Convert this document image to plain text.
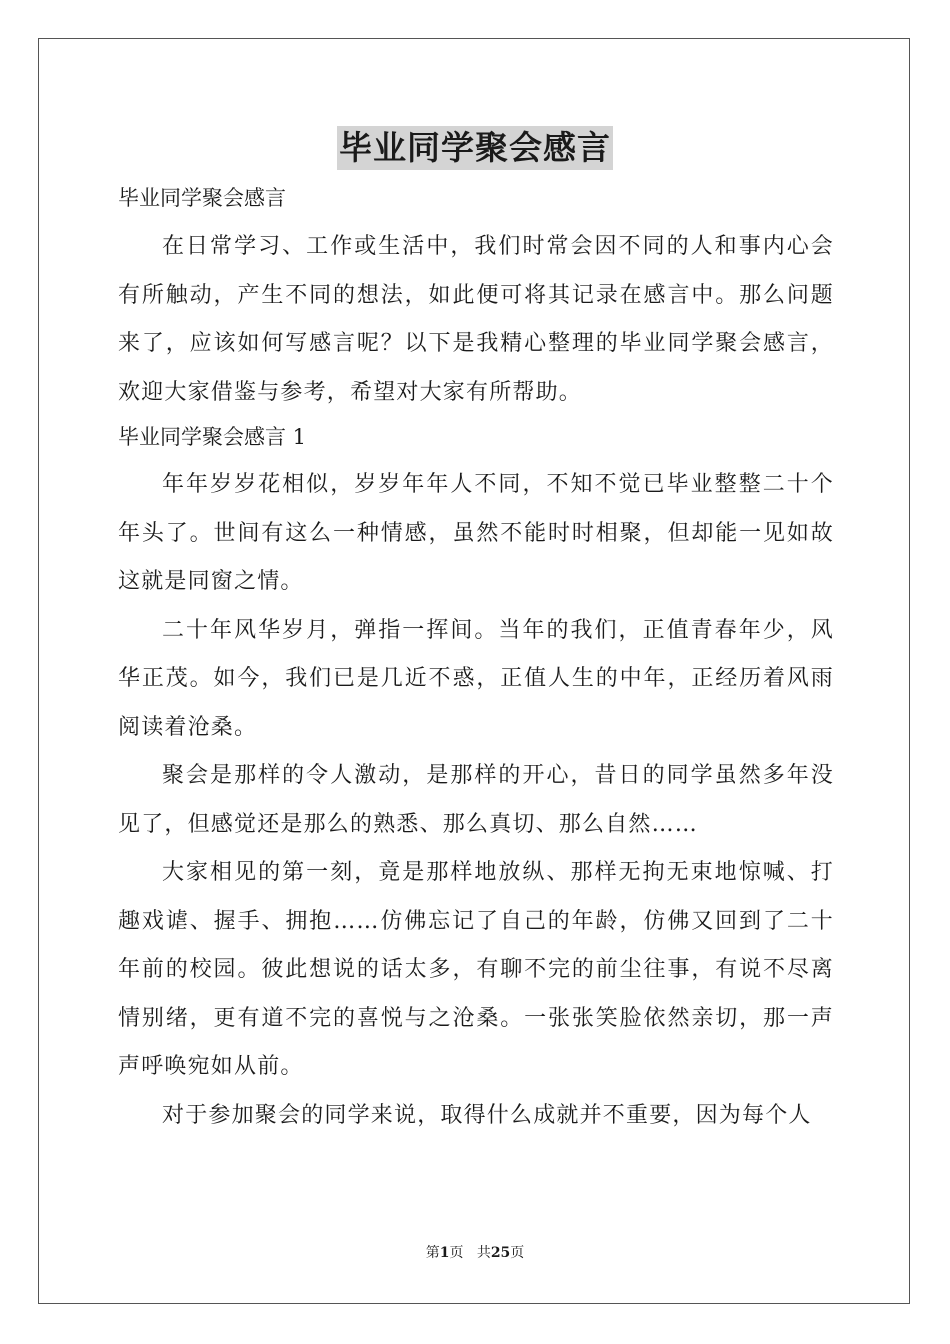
毕业同学聚会感言
毕业同学聚会感言

在日常学习、工作或生活中，我们时常会因不同的人和事内心会有所触动，产生不同的想法，如此便可将其记录在感言中。那么问题来了，应该如何写感言呢？以下是我精心整理的毕业同学聚会感言，欢迎大家借鉴与参考，希望对大家有所帮助。

毕业同学聚会感言 1

年年岁岁花相似，岁岁年年人不同，不知不觉已毕业整整二十个年头了。世间有这么一种情感，虽然不能时时相聚，但却能一见如故这就是同窗之情。

二十年风华岁月，弹指一挥间。当年的我们，正值青春年少，风华正茂。如今，我们已是几近不惑，正值人生的中年，正经历着风雨阅读着沧桑。

聚会是那样的令人激动，是那样的开心，昔日的同学虽然多年没见了，但感觉还是那么的熟悉、那么真切、那么自然……

大家相见的第一刻，竟是那样地放纵、那样无拘无束地惊喊、打趣戏谑、握手、拥抱……仿佛忘记了自己的年龄，仿佛又回到了二十年前的校园。彼此想说的话太多，有聊不完的前尘往事，有说不尽离情别绪，更有道不完的喜悦与之沧桑。一张张笑脸依然亲切，那一声声呼唤宛如从前。

对于参加聚会的同学来说，取得什么成就并不重要，因为每个人

第1页 共25页
